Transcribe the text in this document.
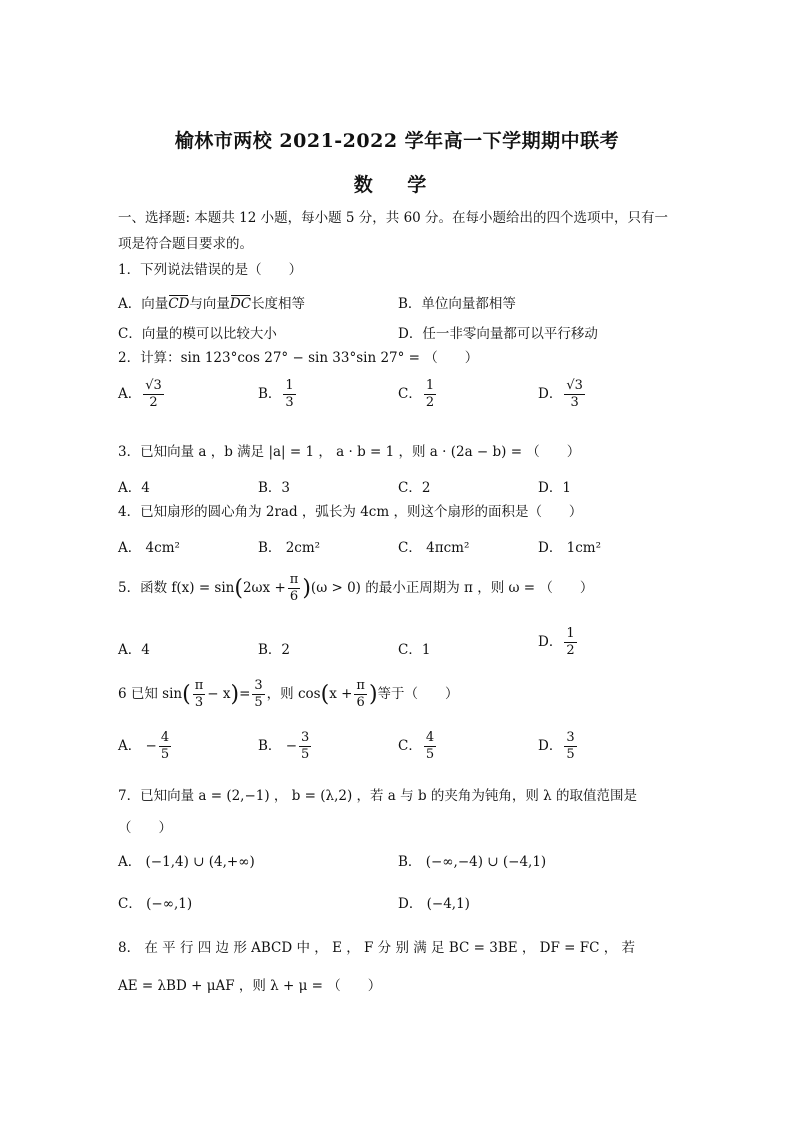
榆林市两校 2021-2022 学年高一下学期期中联考
数 学
一、选择题: 本题共 12 小题，每小题 5 分，共 60 分。在每小题给出的四个选项中，只有一
项是符合题目要求的。
1．下列说法错误的是（　　）
A．向量CD与向量DC长度相等	B．单位向量都相等
C．向量的模可以比较大小	D．任一非零向量都可以平行移动
2．计算：sin 123°cos 27° − sin 33°sin 27° = （　　）
A． $\frac{√3}{2}$	B． $\frac{1}{3}$	C． $\frac{1}{2}$	D． $\frac{√3}{3}$
3．已知向量 a ，b 满足 |a| = 1 ， a · b = 1 ，则 a · (2a − b) = （　　）
A．4	B．3	C．2	D．1
4．已知扇形的圆心角为 2rad ，弧长为 4cm ，则这个扇形的面积是（　　）
A． 4cm²	B． 2cm²	C． 4πcm²	D． 1cm²
5．函数 $f(x) = \sin(2\omega x + \frac{\pi}{6} )(\omega > 0)$ 的最小正周期为 π ，则 ω = （　　）
A．4	B．2	C．1	D． $\frac{1}{2}$
6 已知 $\sin( \frac{\pi}{3} - x)= \frac{3}{5}$ ，则 $\cos(x + \frac{\pi}{6}$ )等于（　　）
A． − $\frac{4}{5}$	B． − $\frac{3}{5}$	C． $\frac{4}{5}$	D． $\frac{3}{5}$
7．已知向量 a = (2,−1) ， b = (λ,2) ，若 a 与 b 的夹角为钝角，则 λ 的取值范围是
（　　）
A． (−1,4) ∪ (4,+∞)	B． (−∞,−4) ∪ (−4,1)
C． (−∞,1)	D． (−4,1)
8． 在 平 行 四 边 形 ABCD 中 ， E ， F 分 别 满 足 BC = 3BE ， DF = FC ， 若
AE = λBD + μAF ，则 λ + μ = （　　）
